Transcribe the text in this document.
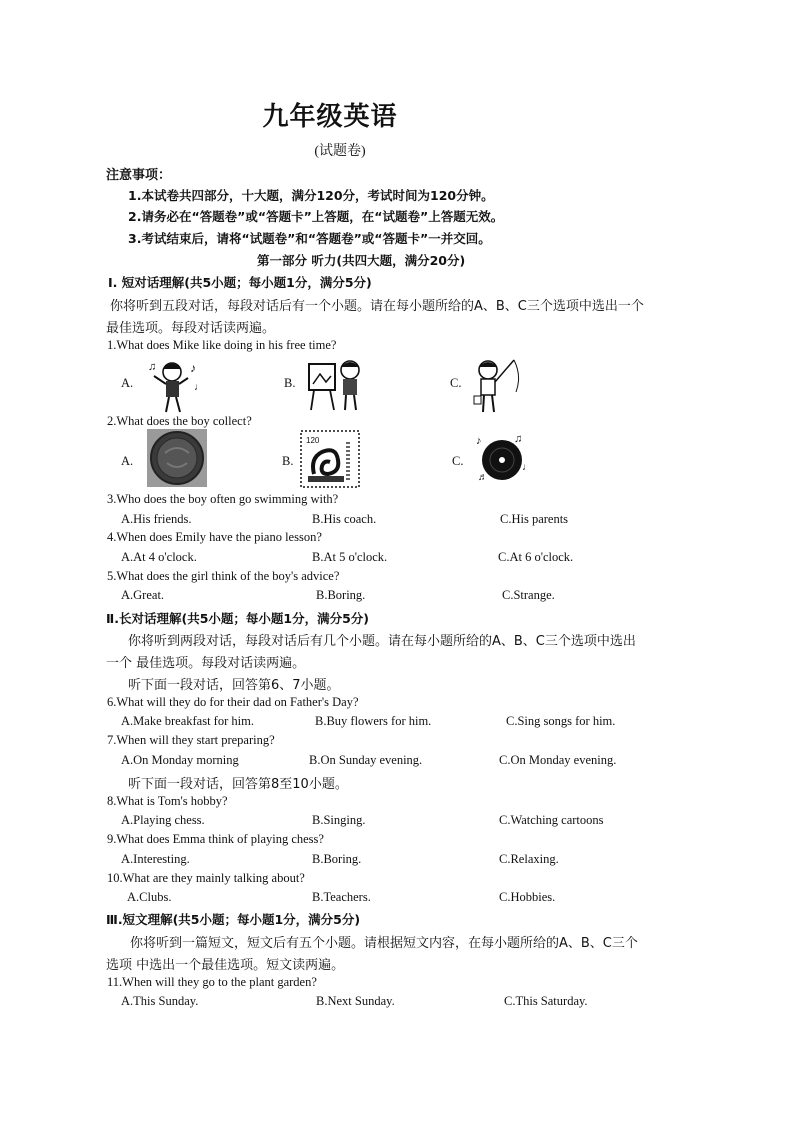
九年级英语
(试题卷)
注意事项：
1.本试卷共四部分，十大题，满分120分，考试时间为120分钟。
2.请务必在“答题卷”或“答题卡”上答题，在“试题卷”上答题无效。
3.考试结束后，请将“试题卷”和“答题卷”或“答题卡”一并交回。
第一部分 听力(共四大题，满分20分)
I. 短对话理解(共5小题；每小题1分，满分5分)
你将听到五段对话，每段对话后有一个小题。请在每小题所给的A、B、C三个选项中选出一个
最佳选项。每段对话读两遍。
1.What does Mike like doing in his free time?
A.
♪
♫
♩	B.	C.
2.What does the boy collect?
A.	B.
120
C.
♪	♫
♩
♬
3.Who does the boy often go swimming with?
A.His friends.	B.His coach.	C.His parents
4.When does Emily have the piano lesson?
A.At 4 o'clock.	B.At 5 o'clock.	C.At 6 o'clock.
5.What does the girl think of the boy's advice?
A.Great.	B.Boring.	C.Strange.
Ⅱ.长对话理解(共5小题；每小题1分，满分5分)
你将听到两段对话，每段对话后有几个小题。请在每小题所给的A、B、C三个选项中选出
一个 最佳选项。每段对话读两遍。
听下面一段对话，回答第6、7小题。
6.What will they do for their dad on Father's Day?
A.Make breakfast for him.	B.Buy flowers for him.	C.Sing songs for him.
7.When will they start preparing?
A.On Monday morning	B.On Sunday evening.	C.On Monday evening.
听下面一段对话，回答第8至10小题。
8.What is Tom's hobby?
A.Playing chess.	B.Singing.	C.Watching cartoons
9.What does Emma think of playing chess?
A.Interesting.	B.Boring.	C.Relaxing.
10.What are they mainly talking about?
A.Clubs.	B.Teachers.	C.Hobbies.
Ⅲ.短文理解(共5小题；每小题1分，满分5分)
你将听到一篇短文，短文后有五个小题。请根据短文内容，在每小题所给的A、B、C三个
选项 中选出一个最佳选项。短文读两遍。
11.When will they go to the plant garden?
A.This Sunday.	B.Next Sunday.	C.This Saturday.
